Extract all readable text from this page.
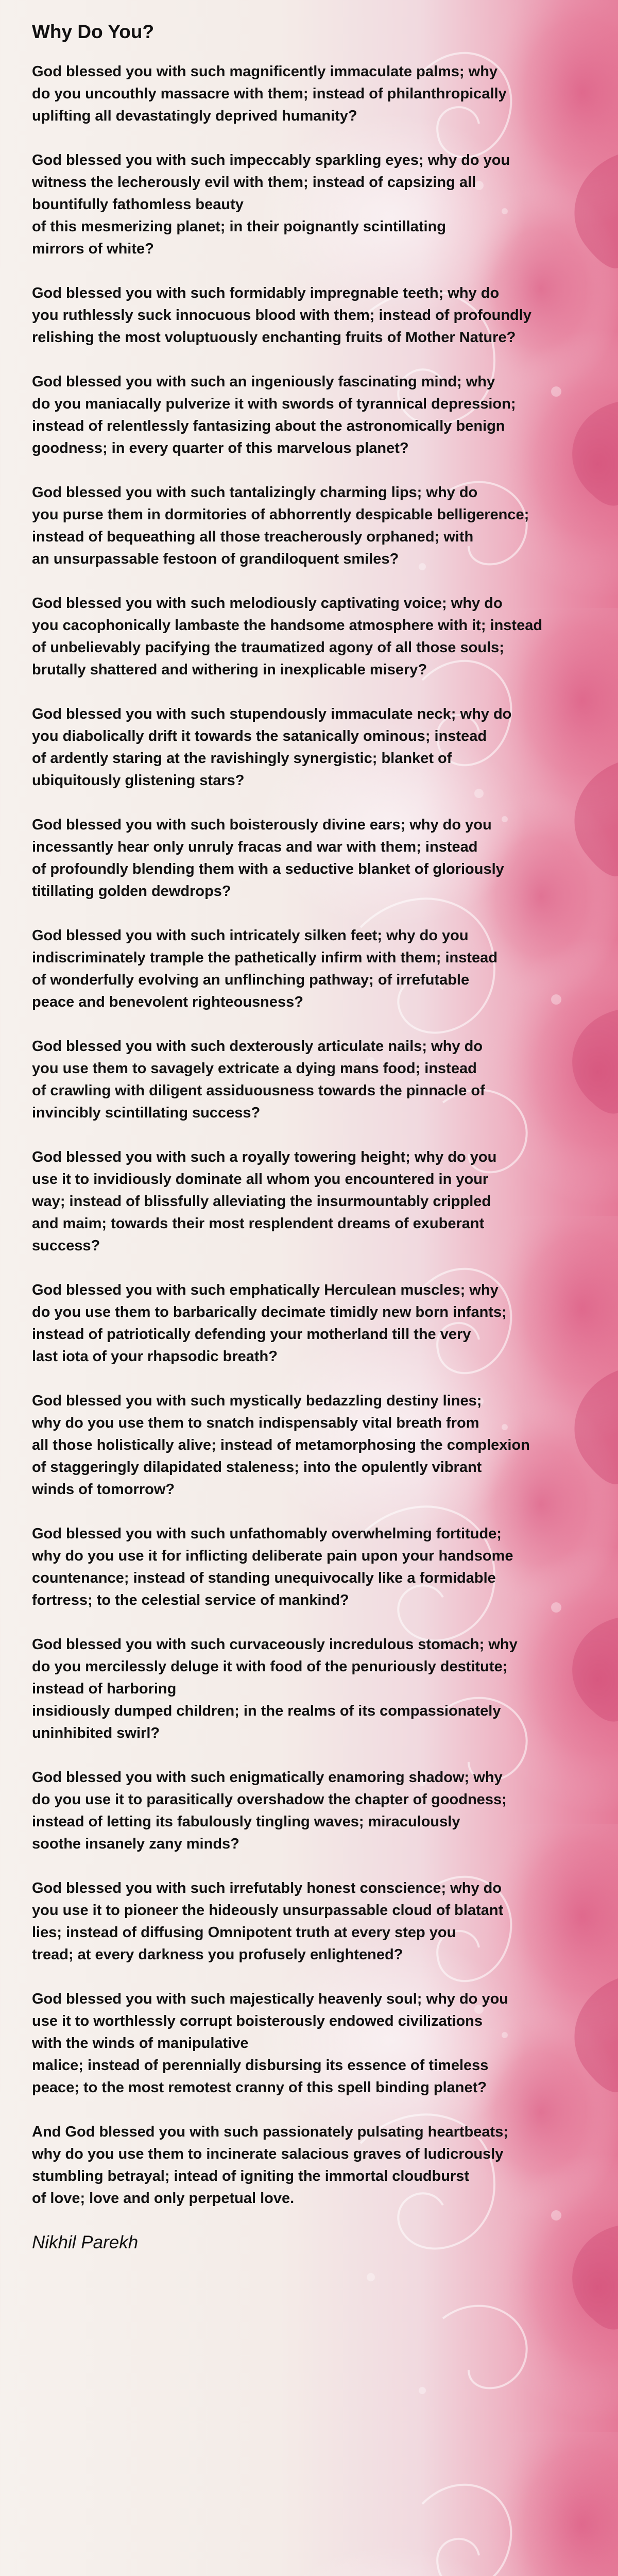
Why Do You?
God blessed you with such magnificently immaculate palms; why
do you uncouthly massacre with them; instead of philanthropically
uplifting all devastatingly deprived humanity?
God blessed you with such impeccably sparkling eyes; why do you
witness the lecherously evil with them; instead of capsizing all
bountifully fathomless beauty
of this mesmerizing planet; in their poignantly scintillating
mirrors of white?
God blessed you with such formidably impregnable teeth; why do
you ruthlessly suck innocuous blood with them; instead of profoundly
relishing the most voluptuously enchanting fruits of Mother Nature?
God blessed you with such an ingeniously fascinating mind; why
do you maniacally pulverize it with swords of tyrannical depression;
instead of relentlessly fantasizing about the astronomically benign
goodness; in every quarter of this marvelous planet?
God blessed you with such tantalizingly charming lips; why do
you purse them in dormitories of abhorrently despicable belligerence;
instead of bequeathing all those treacherously orphaned; with
an unsurpassable festoon of grandiloquent smiles?
God blessed you with such melodiously captivating voice; why do
you cacophonically lambaste the handsome atmosphere with it; instead
of unbelievably pacifying the traumatized agony of all those souls;
brutally shattered and withering in inexplicable misery?
God blessed you with such stupendously immaculate neck; why do
you diabolically drift it towards the satanically ominous; instead
of ardently staring at the ravishingly synergistic; blanket of
ubiquitously glistening stars?
God blessed you with such boisterously divine ears; why do you
incessantly hear only unruly fracas and war with them; instead
of profoundly blending them with a seductive blanket of gloriously
titillating golden dewdrops?
God blessed you with such intricately silken feet; why do you
indiscriminately trample the pathetically infirm with them; instead
of wonderfully evolving an unflinching pathway; of irrefutable
peace and benevolent righteousness?
God blessed you with such dexterously articulate nails; why do
you use them to savagely extricate a dying mans food; instead
of crawling with diligent assiduousness towards the pinnacle of
invincibly scintillating success?
God blessed you with such a royally towering height; why do you
use it to invidiously dominate all whom you encountered in your
way; instead of blissfully alleviating the insurmountably crippled
and maim; towards their most resplendent dreams of exuberant
success?
God blessed you with such emphatically Herculean muscles; why
do you use them to barbarically decimate timidly new born infants;
instead of patriotically defending your motherland till the very
last iota of your rhapsodic breath?
God blessed you with such mystically bedazzling destiny lines;
why do you use them to snatch indispensably vital breath from
all those holistically alive; instead of metamorphosing the complexion
of staggeringly dilapidated staleness; into the opulently vibrant
winds of tomorrow?
God blessed you with such unfathomably overwhelming fortitude;
why do you use it for inflicting deliberate pain upon your handsome
countenance; instead of standing unequivocally like a formidable
fortress; to the celestial service of mankind?
God blessed you with such curvaceously incredulous stomach; why
do you mercilessly deluge it with food of the penuriously destitute;
instead of harboring
insidiously dumped children; in the realms of its compassionately
uninhibited swirl?
God blessed you with such enigmatically enamoring shadow; why
do you use it to parasitically overshadow the chapter of goodness;
instead of letting its fabulously tingling waves; miraculously
soothe insanely zany minds?
God blessed you with such irrefutably honest conscience; why do
you use it to pioneer the hideously unsurpassable cloud of blatant
lies; instead of diffusing Omnipotent truth at every step you
tread; at every darkness you profusely enlightened?
God blessed you with such majestically heavenly soul; why do you
use it to worthlessly corrupt boisterously endowed civilizations
with the winds of manipulative
malice; instead of perennially disbursing its essence of timeless
peace; to the most remotest cranny of this spell binding planet?
And God blessed you with such passionately pulsating heartbeats;
why do you use them to incinerate salacious graves of ludicrously
stumbling betrayal; intead of igniting the immortal cloudburst
of love; love and only perpetual love.
Nikhil Parekh
